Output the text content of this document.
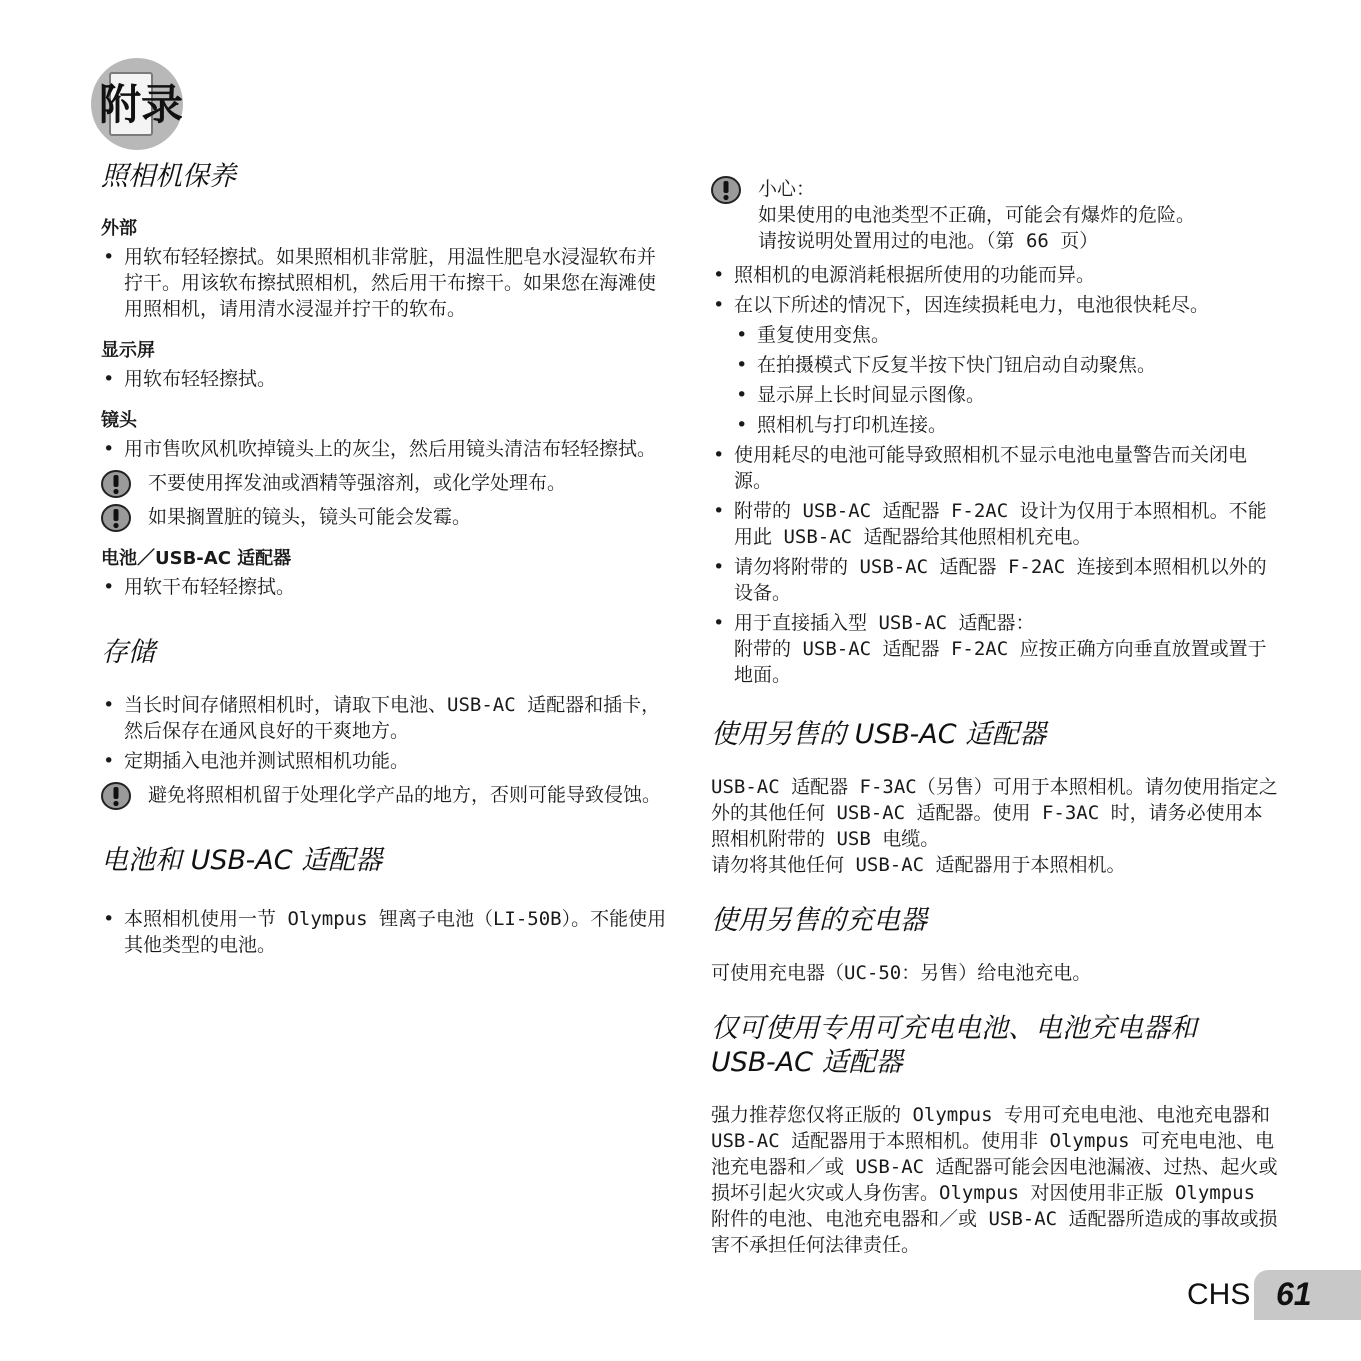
附录
照相机保养
外部
• 用软布轻轻擦拭。如果照相机非常脏，用温性肥皂水浸湿软布并拧干。用该软布擦拭照相机，然后用干布擦干。如果您在海滩使用照相机，请用清水浸湿并拧干的软布。
显示屏
• 用软布轻轻擦拭。
镜头
• 用市售吹风机吹掉镜头上的灰尘，然后用镜头清洁布轻轻擦拭。
不要使用挥发油或酒精等强溶剂，或化学处理布。
如果搁置脏的镜头，镜头可能会发霉。
电池／USB-AC 适配器
• 用软干布轻轻擦拭。
存储
• 当长时间存储照相机时，请取下电池、USB-AC 适配器和插卡，然后保存在通风良好的干爽地方。
• 定期插入电池并测试照相机功能。
避免将照相机留于处理化学产品的地方，否则可能导致侵蚀。
电池和 USB-AC 适配器
• 本照相机使用一节 Olympus 锂离子电池（LI-50B）。不能使用其他类型的电池。
小心：
如果使用的电池类型不正确，可能会有爆炸的危险。
请按说明处置用过的电池。（第 66 页）
• 照相机的电源消耗根据所使用的功能而异。
• 在以下所述的情况下，因连续损耗电力，电池很快耗尽。
• 重复使用变焦。
• 在拍摄模式下反复半按下快门钮启动自动聚焦。
• 显示屏上长时间显示图像。
• 照相机与打印机连接。
• 使用耗尽的电池可能导致照相机不显示电池电量警告而关闭电源。
• 附带的 USB-AC 适配器 F-2AC 设计为仅用于本照相机。不能用此 USB-AC 适配器给其他照相机充电。
• 请勿将附带的 USB-AC 适配器 F-2AC 连接到本照相机以外的设备。
• 用于直接插入型 USB-AC 适配器：
附带的 USB-AC 适配器 F-2AC 应按正确方向垂直放置或置于地面。
使用另售的 USB-AC 适配器

USB-AC 适配器 F-3AC（另售）可用于本照相机。请勿使用指定之外的其他任何 USB-AC 适配器。使用 F-3AC 时，请务必使用本照相机附带的 USB 电缆。

请勿将其他任何 USB-AC 适配器用于本照相机。

使用另售的充电器

可使用充电器（UC-50：另售）给电池充电。

仅可使用专用可充电电池、电池充电器和
USB-AC 适配器

强力推荐您仅将正版的 Olympus 专用可充电电池、电池充电器和 USB-AC 适配器用于本照相机。使用非 Olympus 可充电电池、电池充电器和／或 USB-AC 适配器可能会因电池漏液、过热、起火或损坏引起火灾或人身伤害。Olympus 对因使用非正版 Olympus 附件的电池、电池充电器和／或 USB-AC 适配器所造成的事故或损害不承担任何法律责任。

CHS 61
